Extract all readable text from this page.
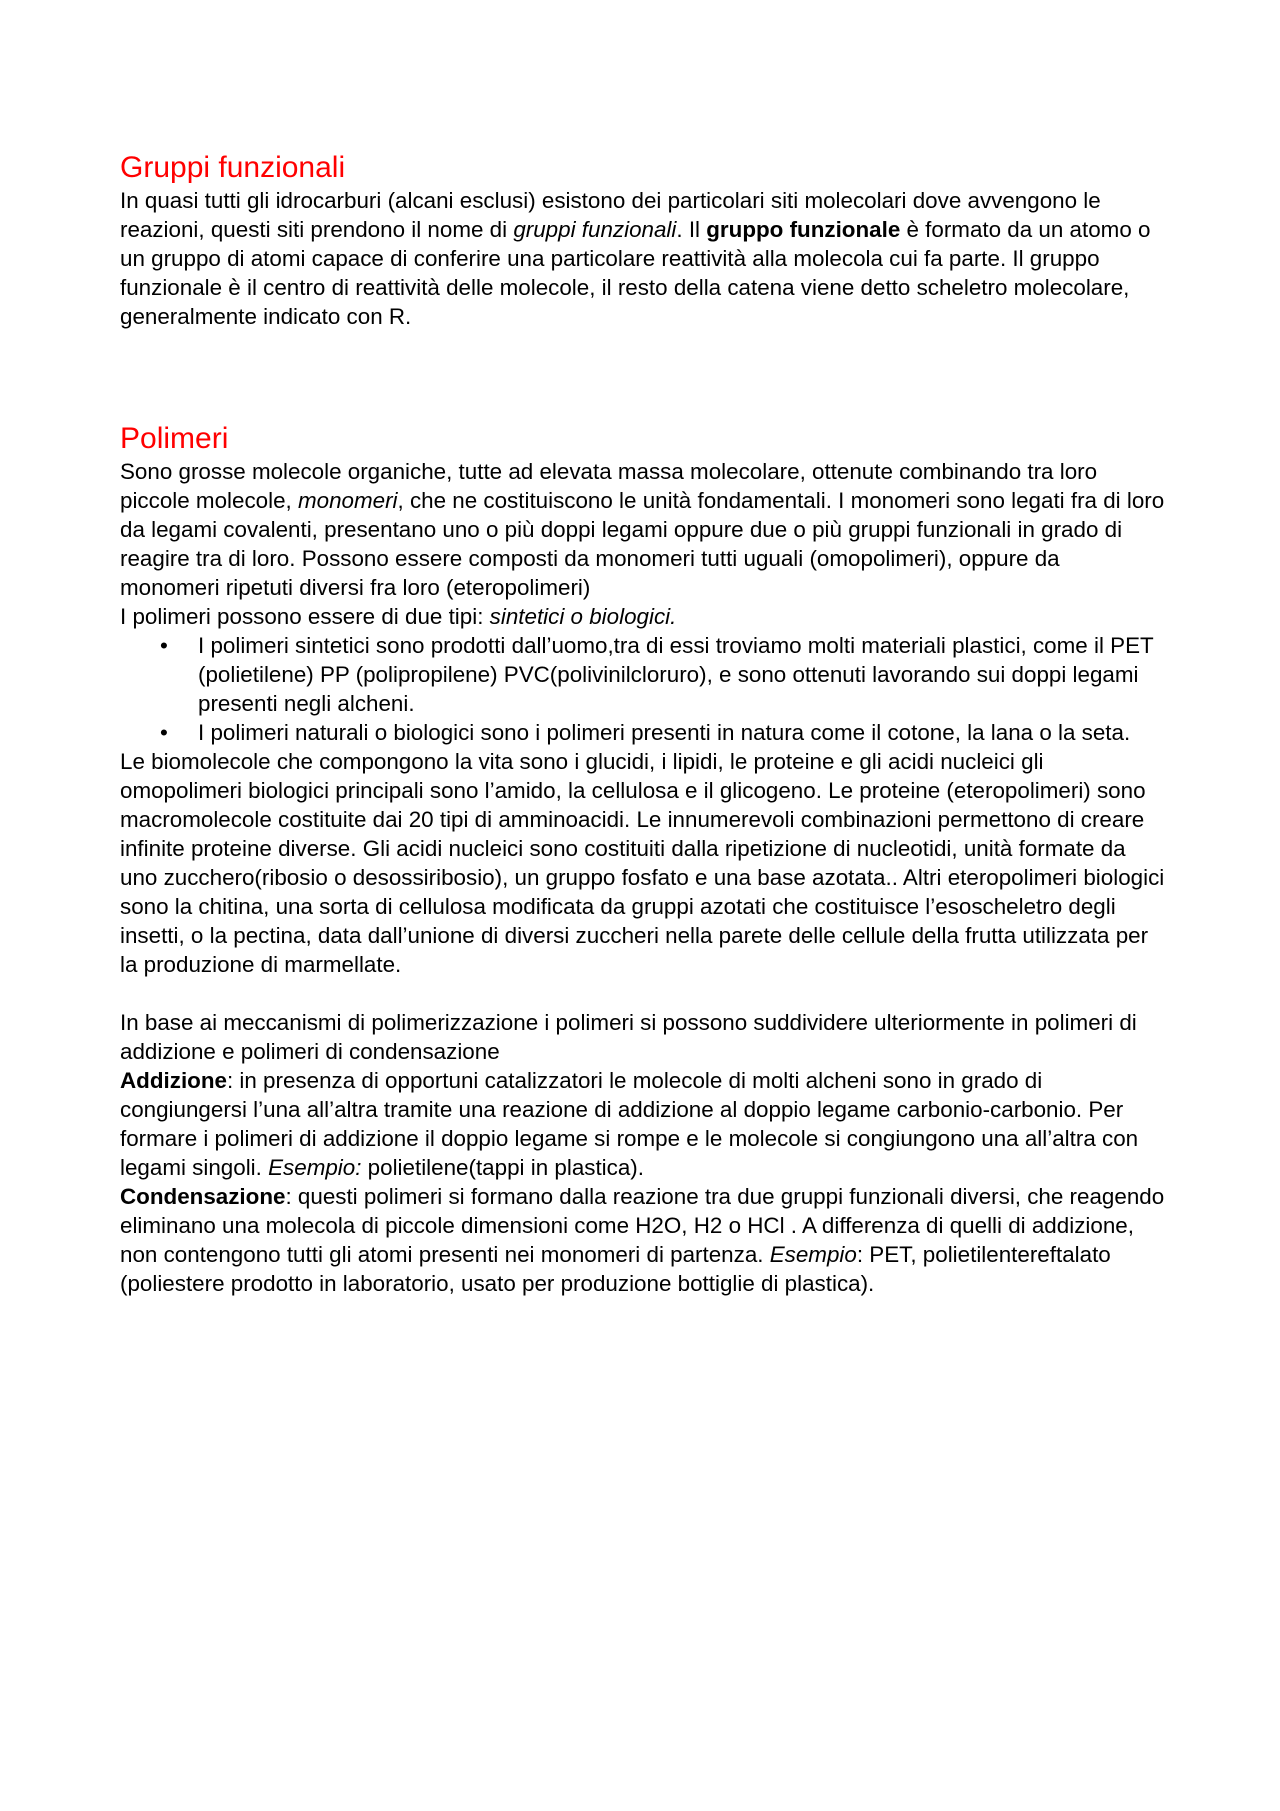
Gruppi funzionali

In quasi tutti gli idrocarburi (alcani esclusi) esistono dei particolari siti molecolari dove avvengono le reazioni, questi siti prendono il nome di gruppi funzionali. Il gruppo funzionale è formato da un atomo o un gruppo di atomi capace di conferire una particolare reattività alla molecola cui fa parte. Il gruppo funzionale è il centro di reattività delle molecole, il resto della catena viene detto scheletro molecolare, generalmente indicato con R.

Polimeri

Sono grosse molecole organiche, tutte ad elevata massa molecolare, ottenute combinando tra loro piccole molecole, monomeri, che ne costituiscono le unità fondamentali. I monomeri sono legati fra di loro da legami covalenti, presentano uno o più doppi legami oppure due o più gruppi funzionali in grado di reagire tra di loro. Possono essere composti da monomeri tutti uguali (omopolimeri), oppure da monomeri ripetuti diversi fra loro (eteropolimeri)

I polimeri possono essere di due tipi: sintetici o biologici.

• I polimeri sintetici sono prodotti dall’uomo,tra di essi troviamo molti materiali plastici, come il PET (polietilene) PP (polipropilene) PVC(polivinilcloruro), e sono ottenuti lavorando sui doppi legami presenti negli alcheni.
• I polimeri naturali o biologici sono i polimeri presenti in natura come il cotone, la lana o la seta.

Le biomolecole che compongono la vita sono i glucidi, i lipidi, le proteine e gli acidi nucleici gli omopolimeri biologici principali sono l’amido, la cellulosa e il glicogeno. Le proteine (eteropolimeri) sono macromolecole costituite dai 20 tipi di amminoacidi. Le innumerevoli combinazioni permettono di creare infinite proteine diverse. Gli acidi nucleici sono costituiti dalla ripetizione di nucleotidi, unità formate da uno zucchero(ribosio o desossiribosio), un gruppo fosfato e una base azotata.. Altri eteropolimeri biologici sono la chitina, una sorta di cellulosa modificata da gruppi azotati che costituisce l’esoscheletro degli insetti, o la pectina, data dall’unione di diversi zuccheri nella parete delle cellule della frutta utilizzata per la produzione di marmellate.

In base ai meccanismi di polimerizzazione i polimeri si possono suddividere ulteriormente in polimeri di addizione e polimeri di condensazione

Addizione: in presenza di opportuni catalizzatori le molecole di molti alcheni sono in grado di congiungersi l’una all’altra tramite una reazione di addizione al doppio legame carbonio-carbonio. Per formare i polimeri di addizione il doppio legame si rompe e le molecole si congiungono una all’altra con legami singoli. Esempio: polietilene(tappi in plastica).

Condensazione: questi polimeri si formano dalla reazione tra due gruppi funzionali diversi, che reagendo eliminano una molecola di piccole dimensioni come H2O, H2 o HCl . A differenza di quelli di addizione, non contengono tutti gli atomi presenti nei monomeri di partenza. Esempio: PET, polietilentereftalato (poliestere prodotto in laboratorio, usato per produzione bottiglie di plastica).
